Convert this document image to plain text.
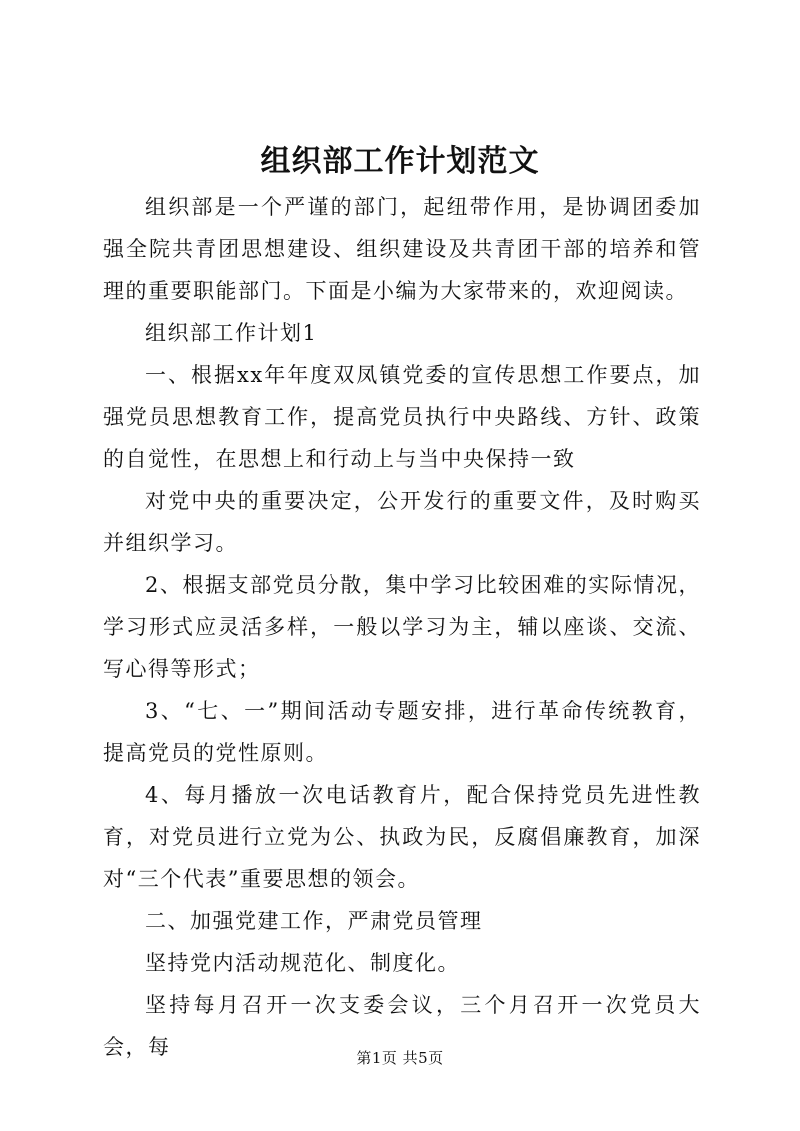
组织部工作计划范文

组织部是一个严谨的部门，起纽带作用，是协调团委加强全院共青团思想建设、组织建设及共青团干部的培养和管理的重要职能部门。下面是小编为大家带来的，欢迎阅读。

组织部工作计划1

一、根据xx年年度双凤镇党委的宣传思想工作要点，加强党员思想教育工作，提高党员执行中央路线、方针、政策的自觉性，在思想上和行动上与当中央保持一致

对党中央的重要决定，公开发行的重要文件，及时购买并组织学习。

2、根据支部党员分散，集中学习比较困难的实际情况，学习形式应灵活多样，一般以学习为主，辅以座谈、交流、写心得等形式；

3、“七、一”期间活动专题安排，进行革命传统教育，提高党员的党性原则。

4、每月播放一次电话教育片，配合保持党员先进性教育，对党员进行立党为公、执政为民，反腐倡廉教育，加深对“三个代表”重要思想的领会。

二、加强党建工作，严肃党员管理

坚持党内活动规范化、制度化。

坚持每月召开一次支委会议，三个月召开一次党员大会，每	第1页 共5页
